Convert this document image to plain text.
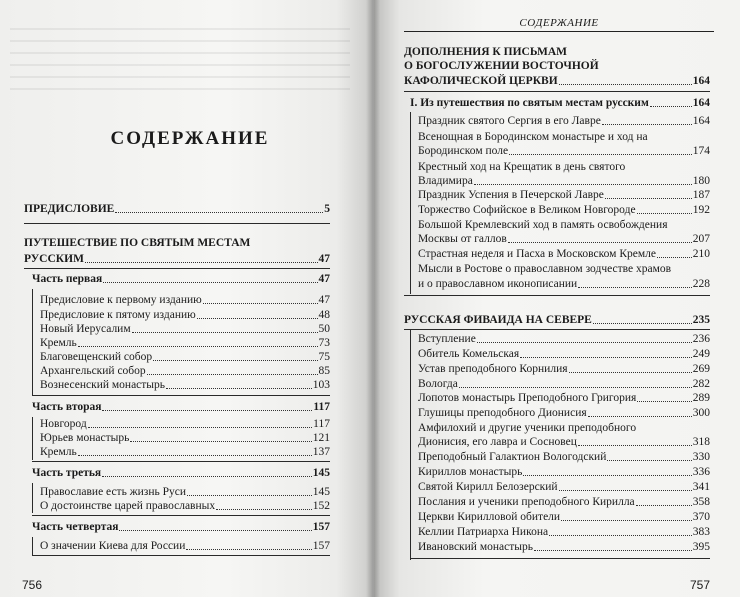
СОДЕРЖАНИЕ
ПРЕДИСЛОВИЕ	5
ПУТЕШЕСТВИЕ ПО СВЯТЫМ МЕСТАМ
РУССКИМ	47
Часть первая	47
Предисловие к первому изданию	47
Предисловие к пятому изданию	48
Новый Иерусалим	50
Кремль	73
Благовещенский собор	75
Архангельский собор	85
Вознесенский монастырь	103
Часть вторая	117
Новгород	117
Юрьев монастырь	121
Кремль	137
Часть третья	145
Православие есть жизнь Руси	145
О достоинстве царей православных	152
Часть четвертая	157
О значении Киева для России	157
756
СОДЕРЖАНИЕ
ДОПОЛНЕНИЯ К ПИСЬМАМ
О БОГОСЛУЖЕНИИ ВОСТОЧНОЙ
КАФОЛИЧЕСКОЙ ЦЕРКВИ	164
I. Из путешествия по святым местам русским	164
Праздник святого Сергия в его Лавре	164
Всенощная в Бородинском монастыре и ход на
Бородинском поле	174
Крестный ход на Крещатик в день святого
Владимира	180
Праздник Успения в Печерской Лавре	187
Торжество Софийское в Великом Новгороде	192
Большой Кремлевский ход в память освобождения
Москвы от галлов	207
Страстная неделя и Пасха в Московском Кремле	210
Мысли в Ростове о православном зодчестве храмов
и о православном иконописании	228
РУССКАЯ ФИВАИДА НА СЕВЕРЕ	235
Вступление	236
Обитель Комельская	249
Устав преподобного Корнилия	269
Вологда	282
Лопотов монастырь Преподобного Григория	289
Глушицы преподобного Дионисия	300
Амфилохий и другие ученики преподобного
Дионисия, его лавра и Сосновец	318
Преподобный Галактион Вологодский	330
Кириллов монастырь	336
Святой Кирилл Белозерский	341
Послания и ученики преподобного Кирилла	358
Церкви Кирилловой обители	370
Келлии Патриарха Никона	383
Ивановский монастырь	395
757
